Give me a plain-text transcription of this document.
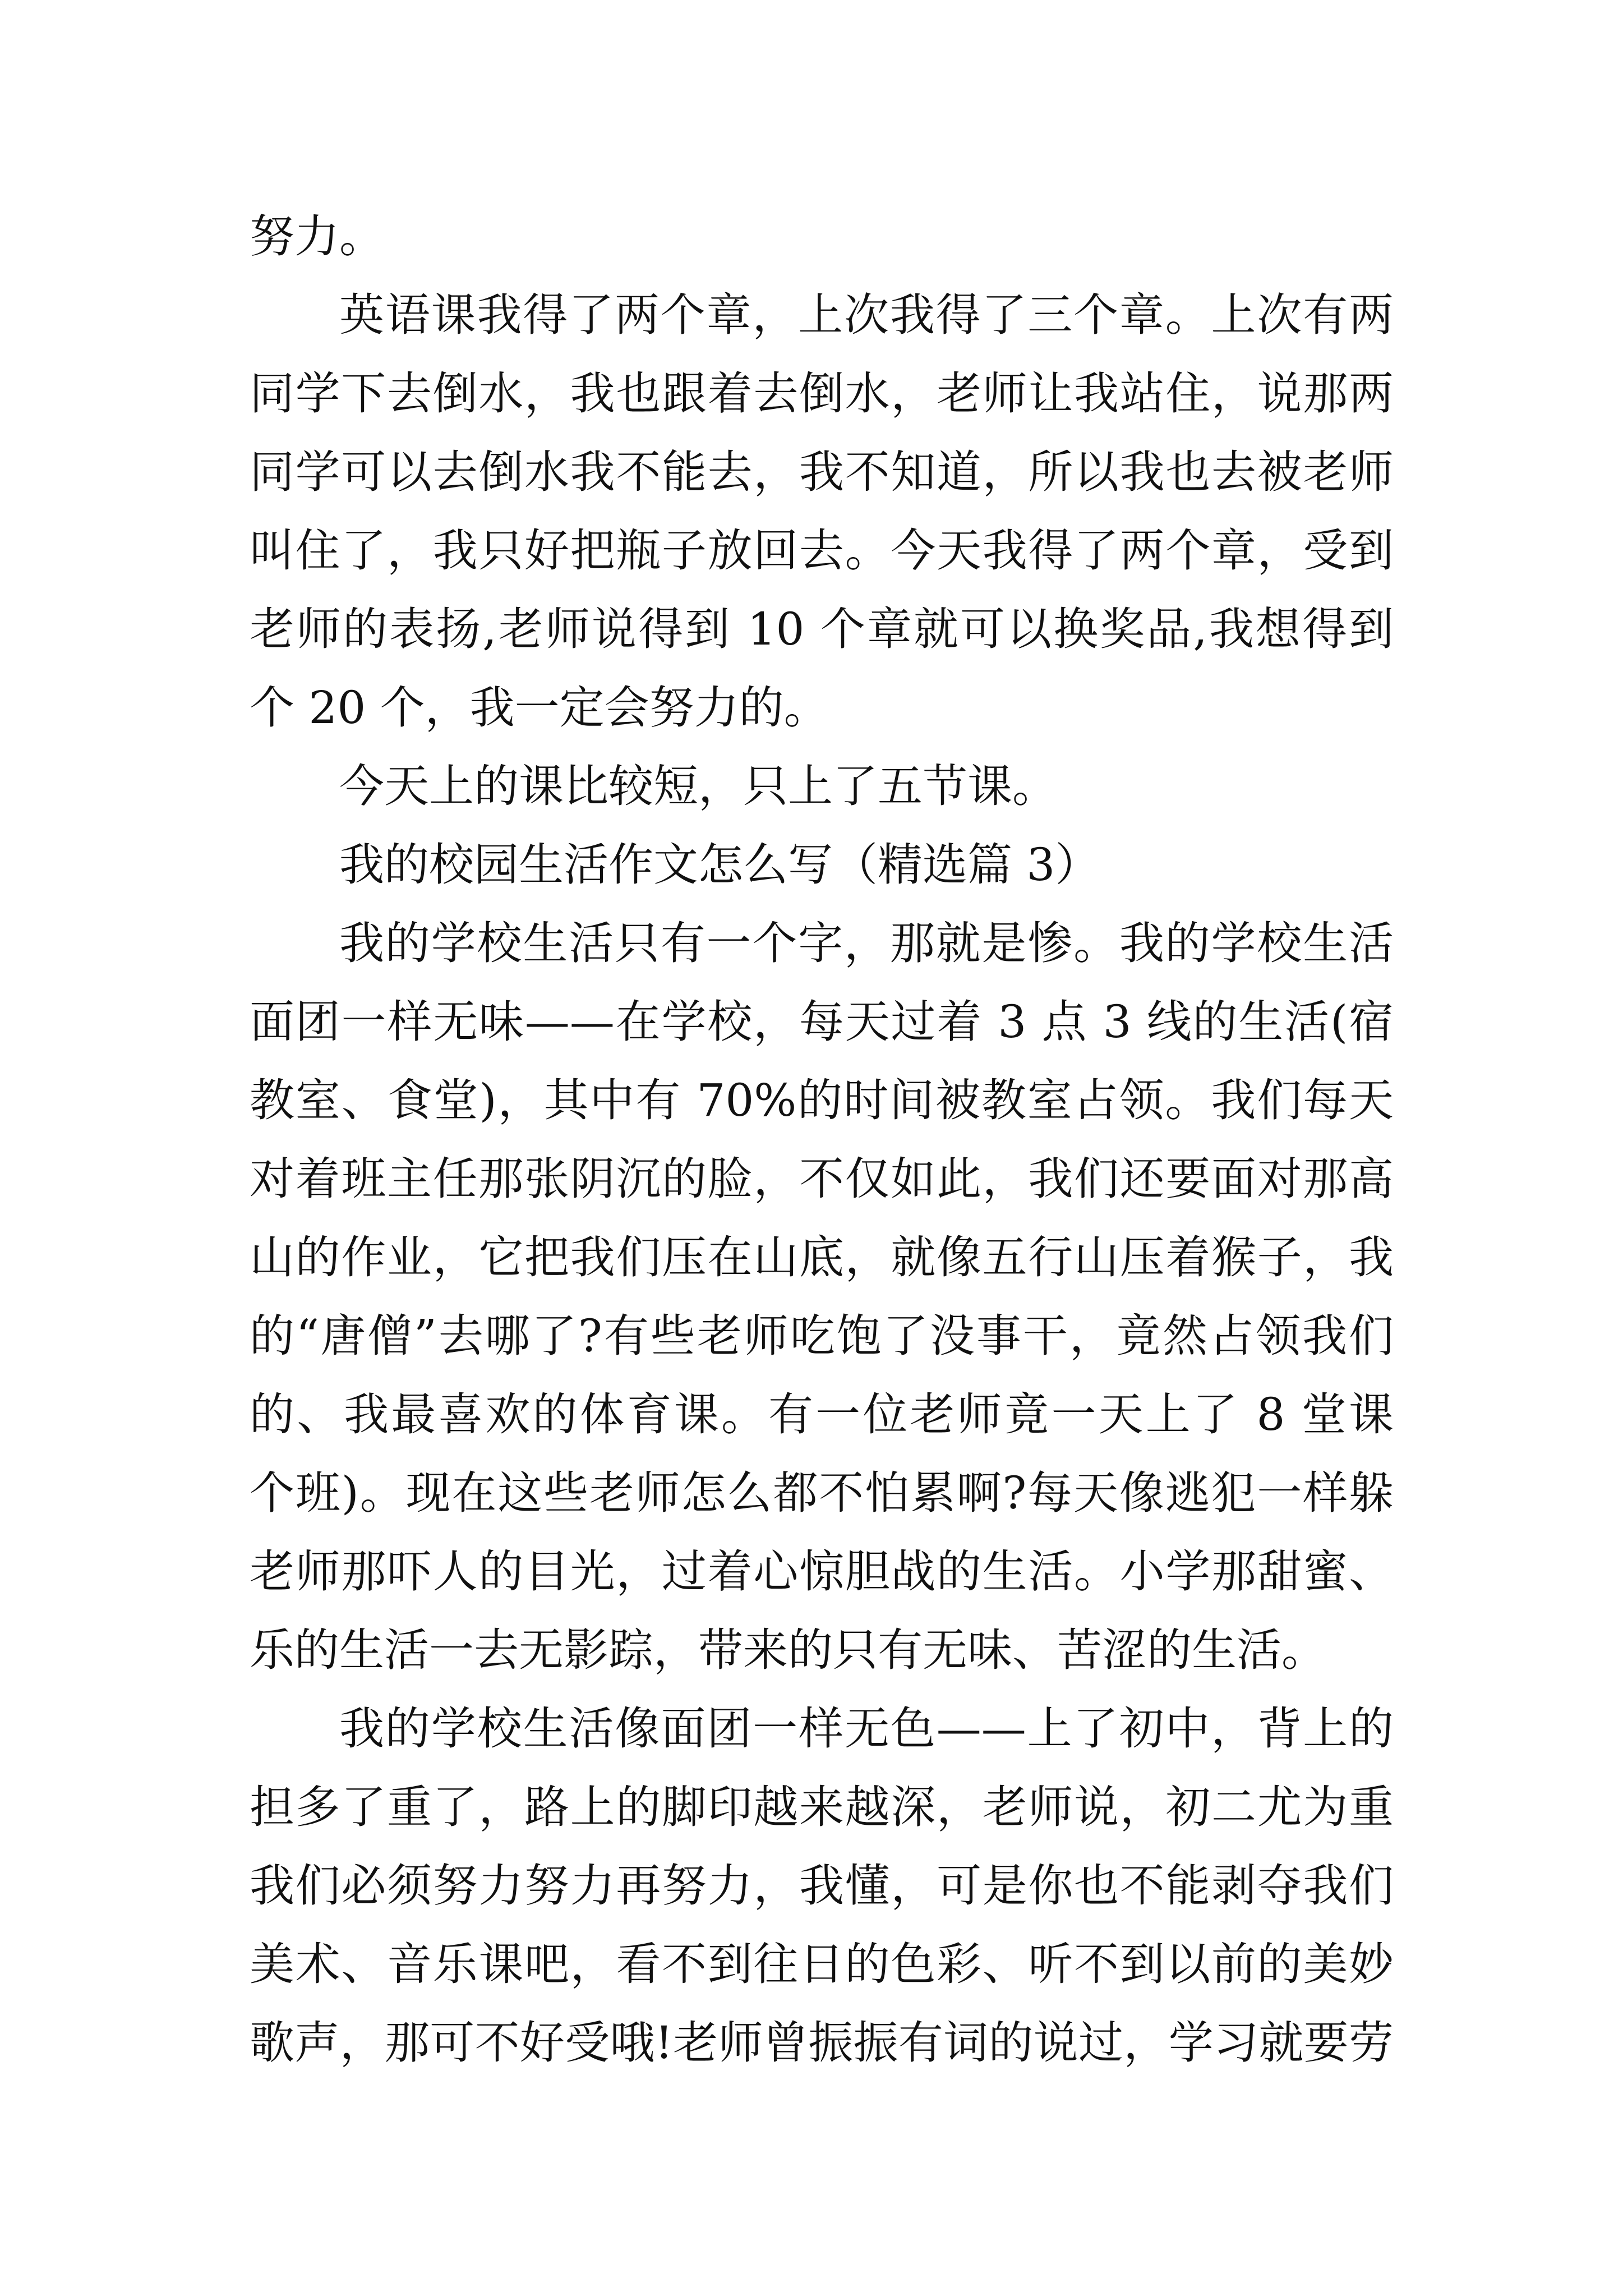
努力。
英语课我得了两个章，上次我得了三个章。上次有两
同学下去倒水，我也跟着去倒水，老师让我站住，说那两
同学可以去倒水我不能去，我不知道，所以我也去被老师
叫住了，我只好把瓶子放回去。今天我得了两个章，受到
老师的表扬,老师说得到 10 个章就可以换奖品,我想得到
个 20 个，我一定会努力的。
今天上的课比较短，只上了五节课。
我的校园生活作文怎么写（精选篇 3）
我的学校生活只有一个字，那就是惨。我的学校生活
面团一样无味——在学校，每天过着 3 点 3 线的生活(宿
教室、食堂)，其中有 70%的时间被教室占领。我们每天
对着班主任那张阴沉的脸，不仅如此，我们还要面对那高
山的作业，它把我们压在山底，就像五行山压着猴子，我
的“唐僧”去哪了?有些老师吃饱了没事干，竟然占领我们
的、我最喜欢的体育课。有一位老师竟一天上了 8 堂课
个班)。现在这些老师怎么都不怕累啊?每天像逃犯一样躲
老师那吓人的目光，过着心惊胆战的生活。小学那甜蜜、
乐的生活一去无影踪，带来的只有无味、苦涩的生活。
我的学校生活像面团一样无色——上了初中，背上的
担多了重了，路上的脚印越来越深，老师说，初二尤为重
我们必须努力努力再努力，我懂，可是你也不能剥夺我们
美术、音乐课吧，看不到往日的色彩、听不到以前的美妙
歌声，那可不好受哦!老师曾振振有词的说过，学习就要劳
